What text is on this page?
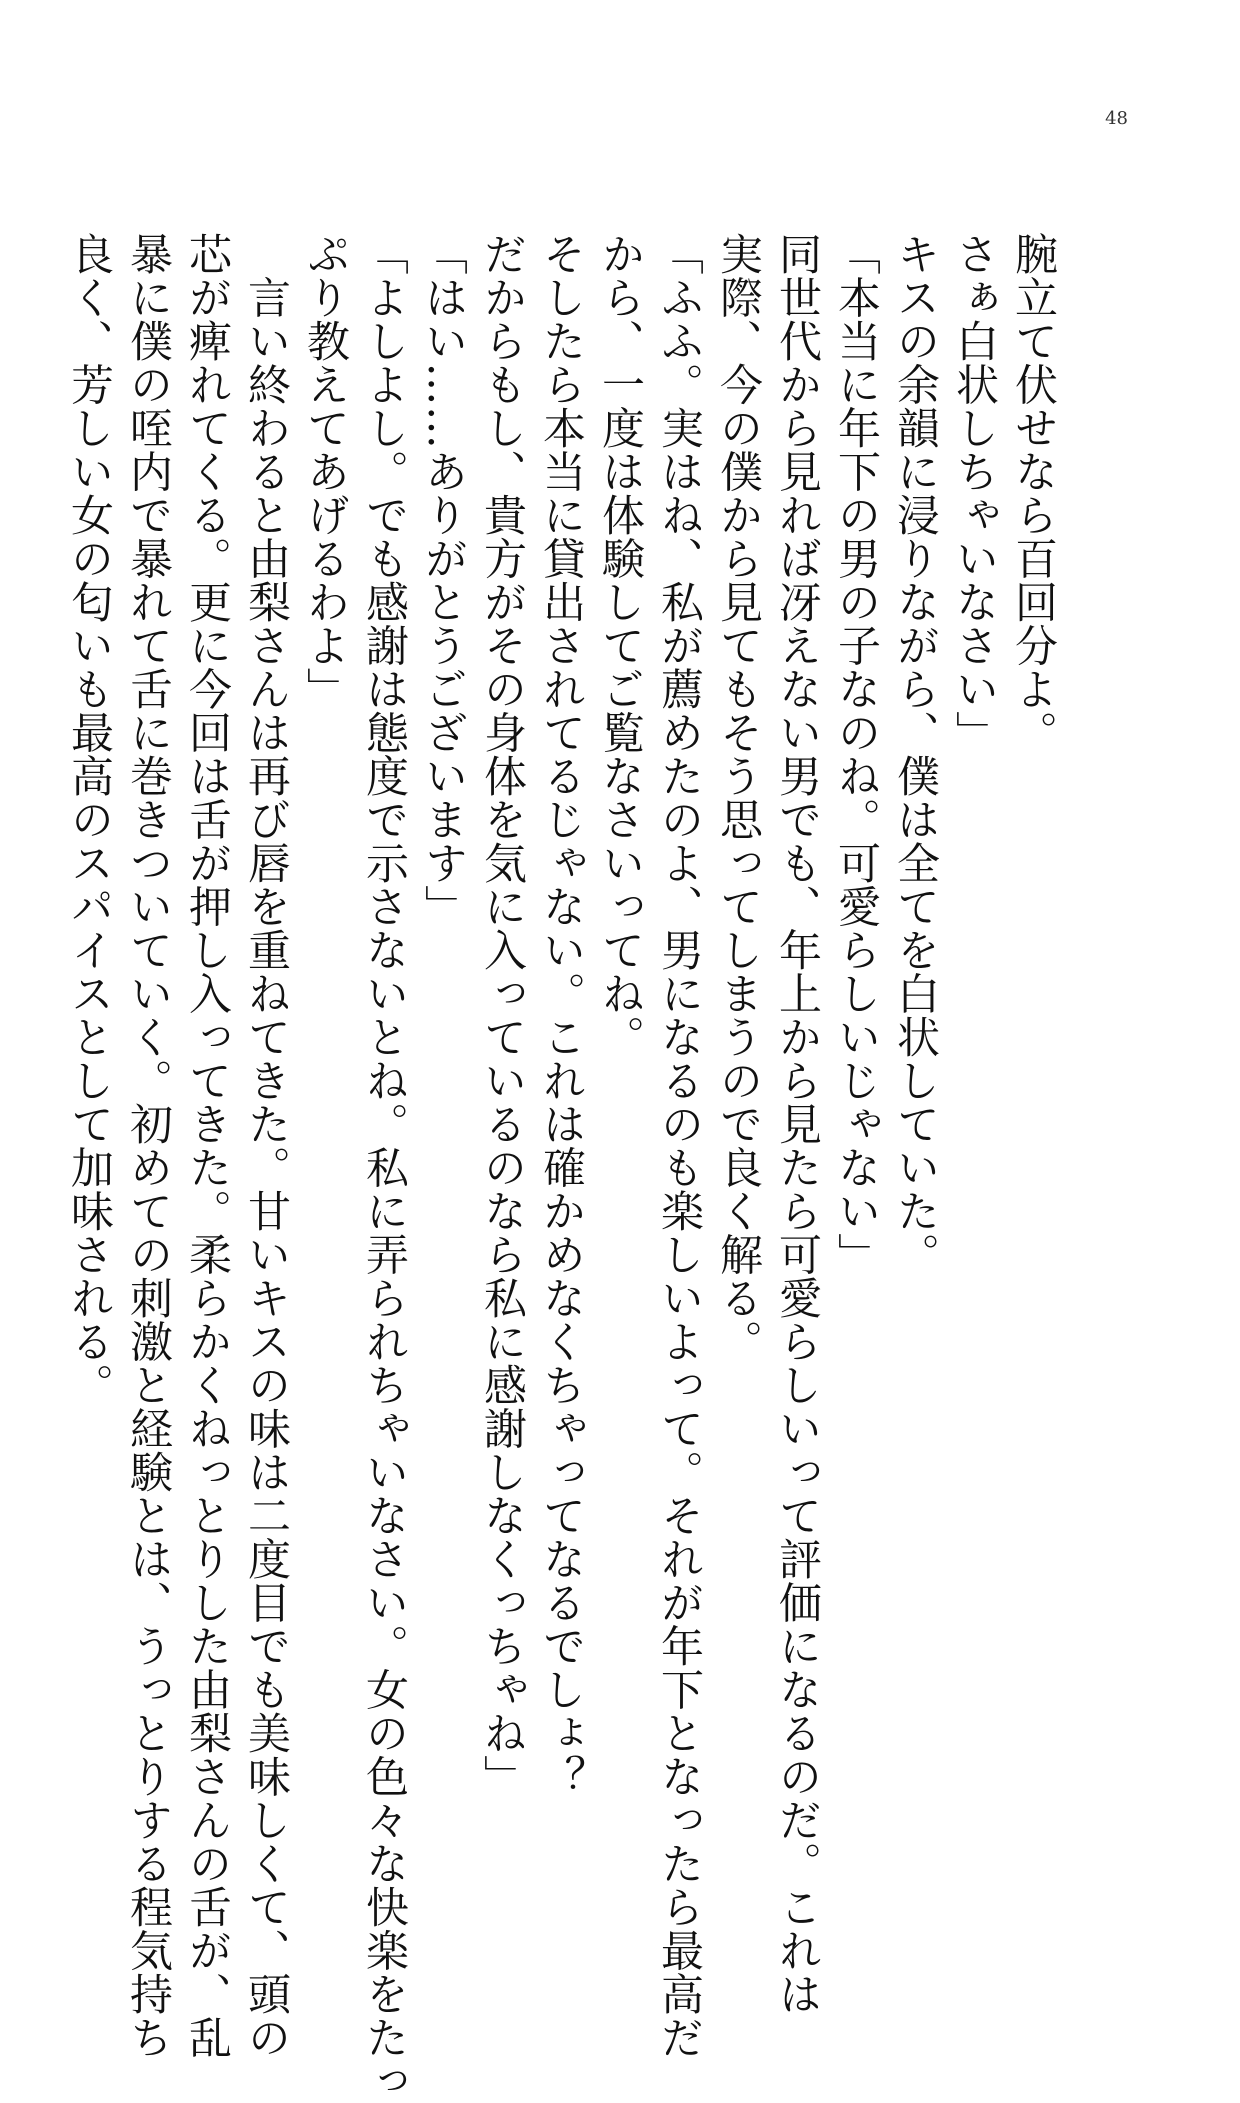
48
腕立て伏せなら百回分よ。
さぁ白状しちゃいなさい」
キスの余韻に浸りながら、僕は全てを白状していた。
「本当に年下の男の子なのね。可愛らしいじゃない」
同世代から見れば冴えない男でも、年上から見たら可愛らしいって評価になるのだ。これは
実際、今の僕から見てもそう思ってしまうので良く解る。
「ふふ。実はね、私が薦めたのよ、男になるのも楽しいよって。それが年下となったら最高だ
から、一度は体験してご覧なさいってね。
そしたら本当に貸出されてるじゃない。これは確かめなくちゃってなるでしょ？
だからもし、貴方がその身体を気に入っているのなら私に感謝しなくっちゃね」
「はい……ありがとうございます」
「よしよし。でも感謝は態度で示さないとね。私に弄られちゃいなさい。女の色々な快楽をたっ
ぷり教えてあげるわよ」
　言い終わると由梨さんは再び唇を重ねてきた。甘いキスの味は二度目でも美味しくて、頭の
芯が痺れてくる。更に今回は舌が押し入ってきた。柔らかくねっとりした由梨さんの舌が、乱
暴に僕の咥内で暴れて舌に巻きついていく。初めての刺激と経験とは、うっとりする程気持ち
良く、芳しい女の匂いも最高のスパイスとして加味される。
